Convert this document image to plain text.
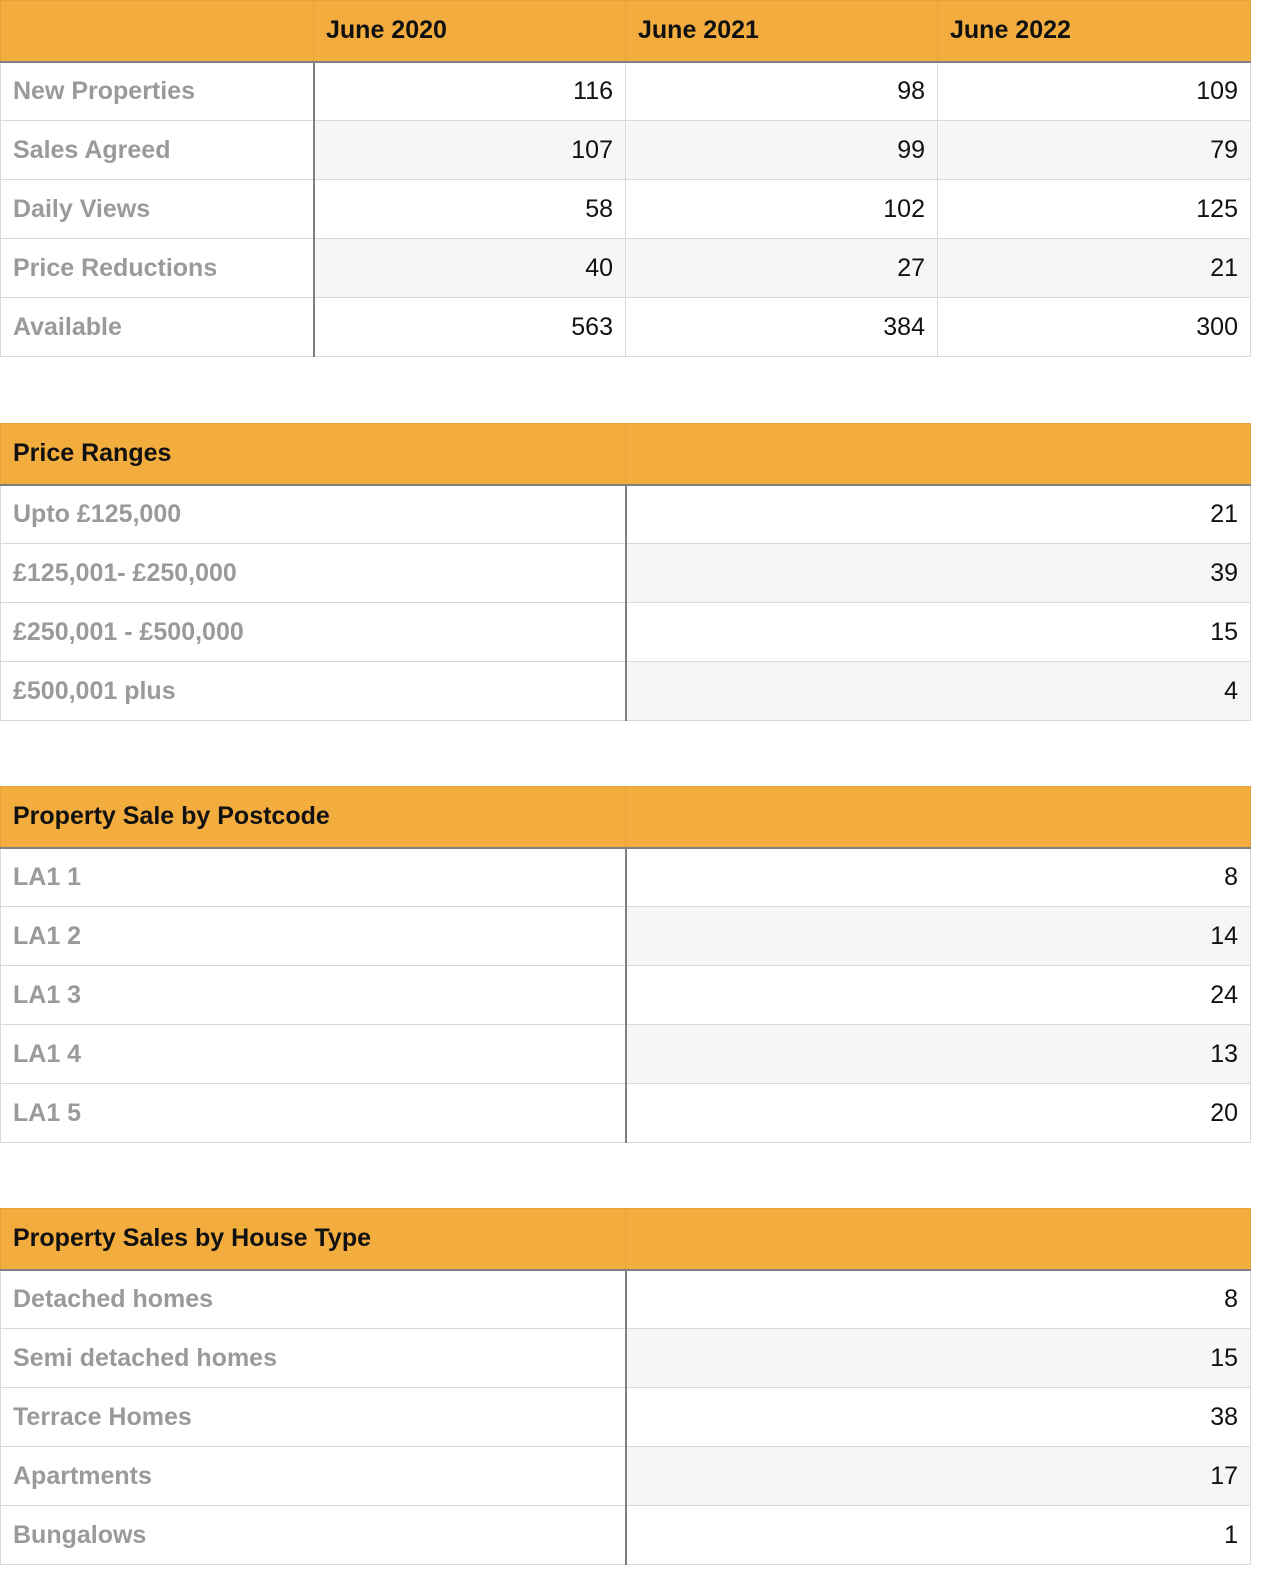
	June 2020	June 2021	June 2022
New Properties	116	98	109
Sales Agreed	107	99	79
Daily Views	58	102	125
Price Reductions	40	27	21
Available	563	384	300
Price Ranges	
Upto £125,000	21
£125,001- £250,000	39
£250,001 - £500,000	15
£500,001 plus	4
Property Sale by Postcode	
LA1 1	8
LA1 2	14
LA1 3	24
LA1 4	13
LA1 5	20
Property Sales by House Type	
Detached homes	8
Semi detached homes	15
Terrace Homes	38
Apartments	17
Bungalows	1
